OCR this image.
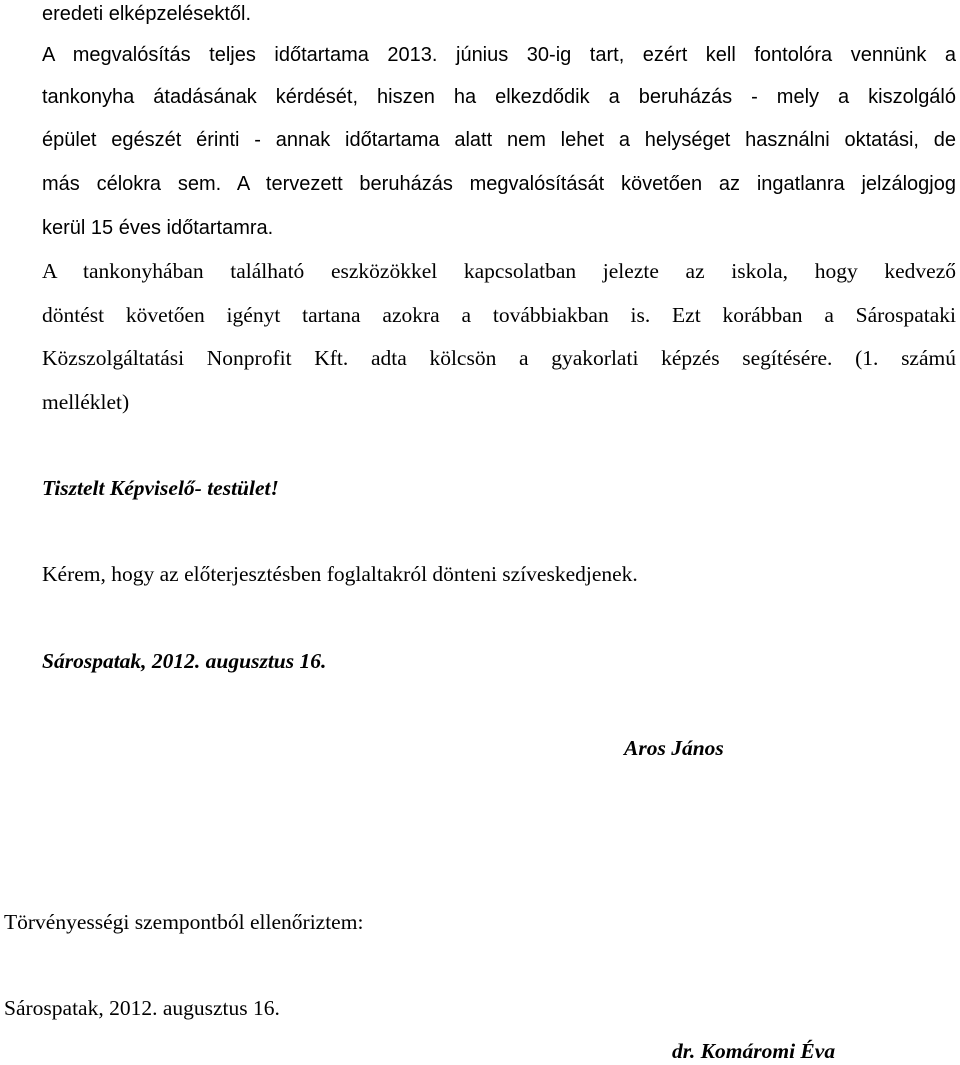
eredeti elképzelésektől.
A megvalósítás teljes időtartama 2013. június 30-ig tart, ezért kell fontolóra vennünk a
tankonyha átadásának kérdését, hiszen ha elkezdődik a beruházás - mely a kiszolgáló
épület egészét érinti - annak időtartama alatt nem lehet a helységet használni oktatási, de
más célokra sem. A tervezett beruházás megvalósítását követően az ingatlanra jelzálogjog
kerül 15 éves időtartamra.
A tankonyhában található eszközökkel kapcsolatban jelezte az iskola, hogy kedvező
döntést követően igényt tartana azokra a továbbiakban is. Ezt korábban a Sárospataki
Közszolgáltatási Nonprofit Kft. adta kölcsön a gyakorlati képzés segítésére. (1. számú
melléklet)
Tisztelt Képviselő- testület!
Kérem, hogy az előterjesztésben foglaltakról dönteni szíveskedjenek.
Sárospatak, 2012. augusztus 16.
Aros János
Törvényességi szempontból ellenőriztem:
Sárospatak, 2012. augusztus 16.
dr. Komáromi Éva
